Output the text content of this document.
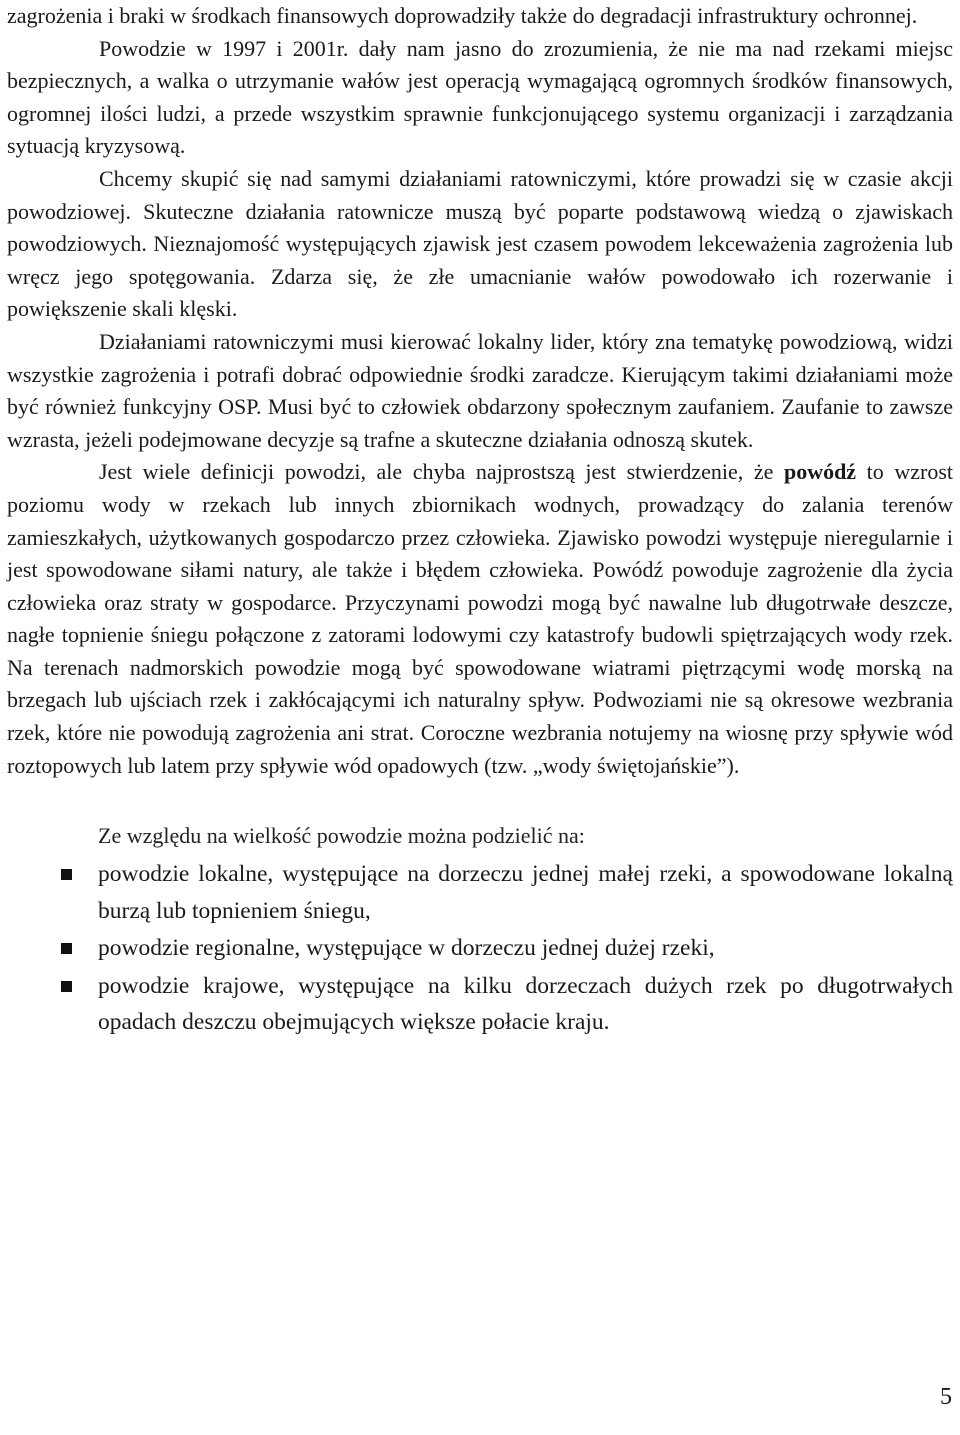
zagrożenia i braki w środkach finansowych doprowadziły także do degradacji infrastruktury ochronnej.

Powodzie w 1997 i 2001r. dały nam jasno do zrozumienia, że nie ma nad rzekami miejsc bezpiecznych, a walka o utrzymanie wałów jest operacją wymagającą ogromnych środków finansowych, ogromnej ilości ludzi, a przede wszystkim sprawnie funkcjonującego systemu organizacji i zarządzania sytuacją kryzysową.

Chcemy skupić się nad samymi działaniami ratowniczymi, które prowadzi się w czasie akcji powodziowej. Skuteczne działania ratownicze muszą być poparte podstawową wiedzą o zjawiskach powodziowych. Nieznajomość występujących zjawisk jest czasem powodem lekceważenia zagrożenia lub wręcz jego spotęgowania. Zdarza się, że złe umacnianie wałów powodowało ich rozerwanie i powiększenie skali klęski.

Działaniami ratowniczymi musi kierować lokalny lider, który zna tematykę powodziową, widzi wszystkie zagrożenia i potrafi dobrać odpowiednie środki zaradcze. Kierującym takimi działaniami może być również funkcyjny OSP. Musi być to człowiek obdarzony społecznym zaufaniem. Zaufanie to zawsze wzrasta, jeżeli podejmowane decyzje są trafne a skuteczne działania odnoszą skutek.

Jest wiele definicji powodzi, ale chyba najprostszą jest stwierdzenie, że powódź to wzrost poziomu wody w rzekach lub innych zbiornikach wodnych, prowadzący do zalania terenów zamieszkałych, użytkowanych gospodarczo przez człowieka. Zjawisko powodzi występuje nieregularnie i jest spowodowane siłami natury, ale także i błędem człowieka. Powódź powoduje zagrożenie dla życia człowieka oraz straty w gospodarce. Przyczynami powodzi mogą być nawalne lub długotrwałe deszcze, nagłe topnienie śniegu połączone z zatorami lodowymi czy katastrofy budowli spiętrzających wody rzek. Na terenach nadmorskich powodzie mogą być spowodowane wiatrami piętrzącymi wodę morską na brzegach lub ujściach rzek i zakłócającymi ich naturalny spływ. Podwoziami nie są okresowe wezbrania rzek, które nie powodują zagrożenia ani strat. Coroczne wezbrania notujemy na wiosnę przy spływie wód roztopowych lub latem przy spływie wód opadowych (tzw. „wody świętojańskie”).

Ze względu na wielkość powodzie można podzielić na:
powodzie lokalne, występujące na dorzeczu jednej małej rzeki, a spowodowane lokalną burzą lub topnieniem śniegu,
powodzie regionalne, występujące w dorzeczu jednej dużej rzeki,
powodzie krajowe, występujące na kilku dorzeczach dużych rzek po długotrwałych opadach deszczu obejmujących większe połacie kraju.
5
